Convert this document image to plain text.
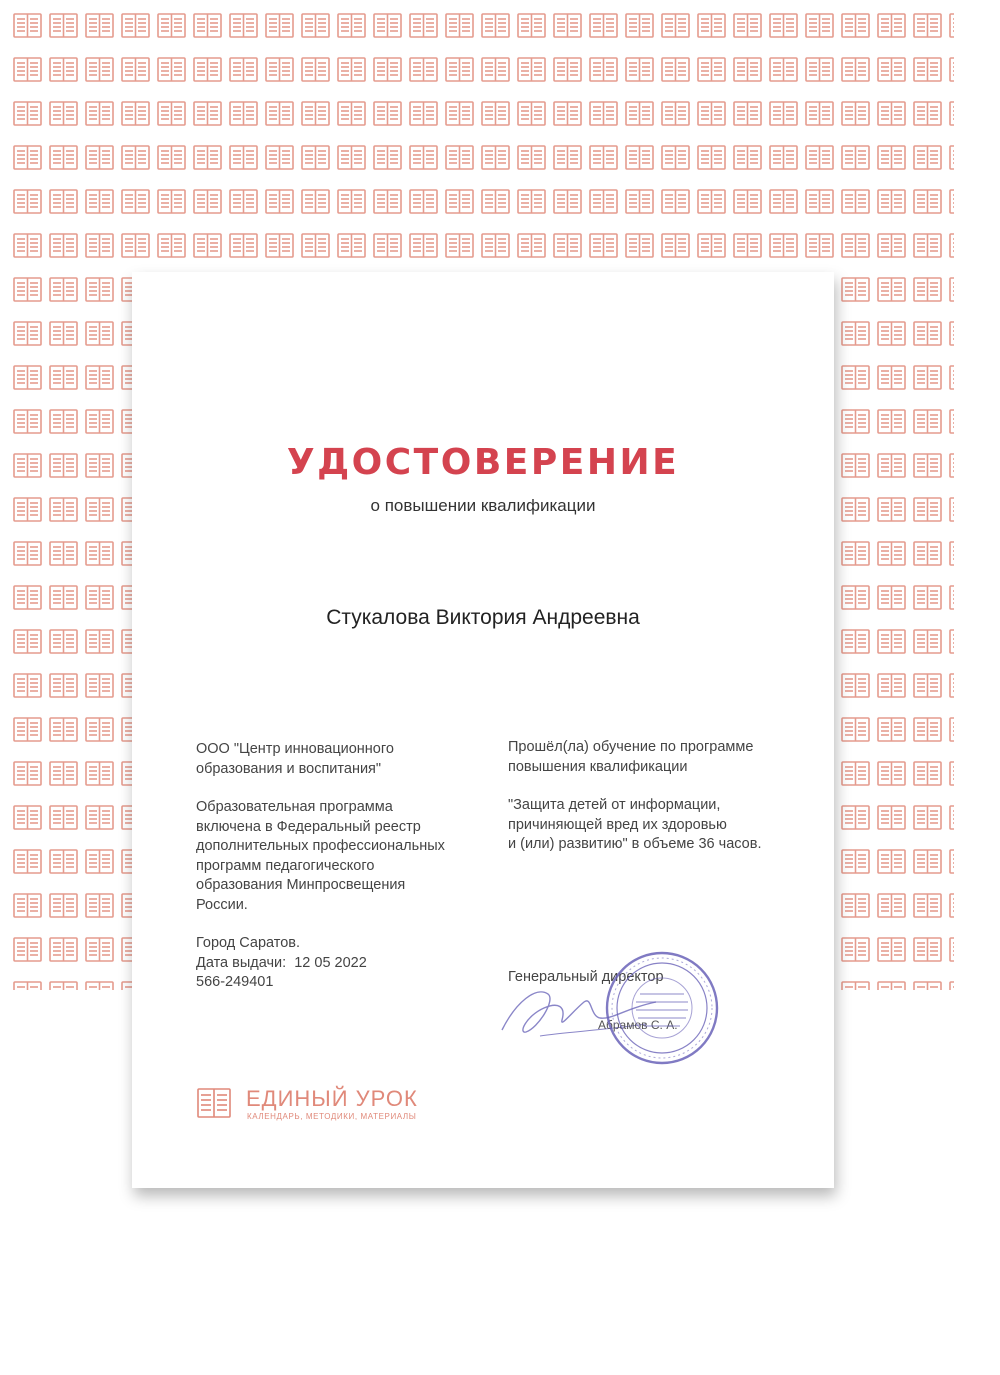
УДОСТОВЕРЕНИЕ
о повышении квалификации
Стукалова Виктория Андреевна

ООО "Центр инновационного
образования и воспитания"

Образовательная программа
включена в Федеральный реестр
дополнительных профессиональных
программ педагогического
образования Минпросвещения
России.

Город Саратов.
Дата выдачи: 12 05 2022
566-249401

Прошёл(ла) обучение по программе
повышения квалификации

"Защита детей от информации,
причиняющей вред их здоровью
и (или) развитию" в объеме 36 часов.

Генеральный директор
Абрамов С. А.
ЕДИНЫЙ УРОК
КАЛЕНДАРЬ, МЕТОДИКИ, МАТЕРИАЛЫ
